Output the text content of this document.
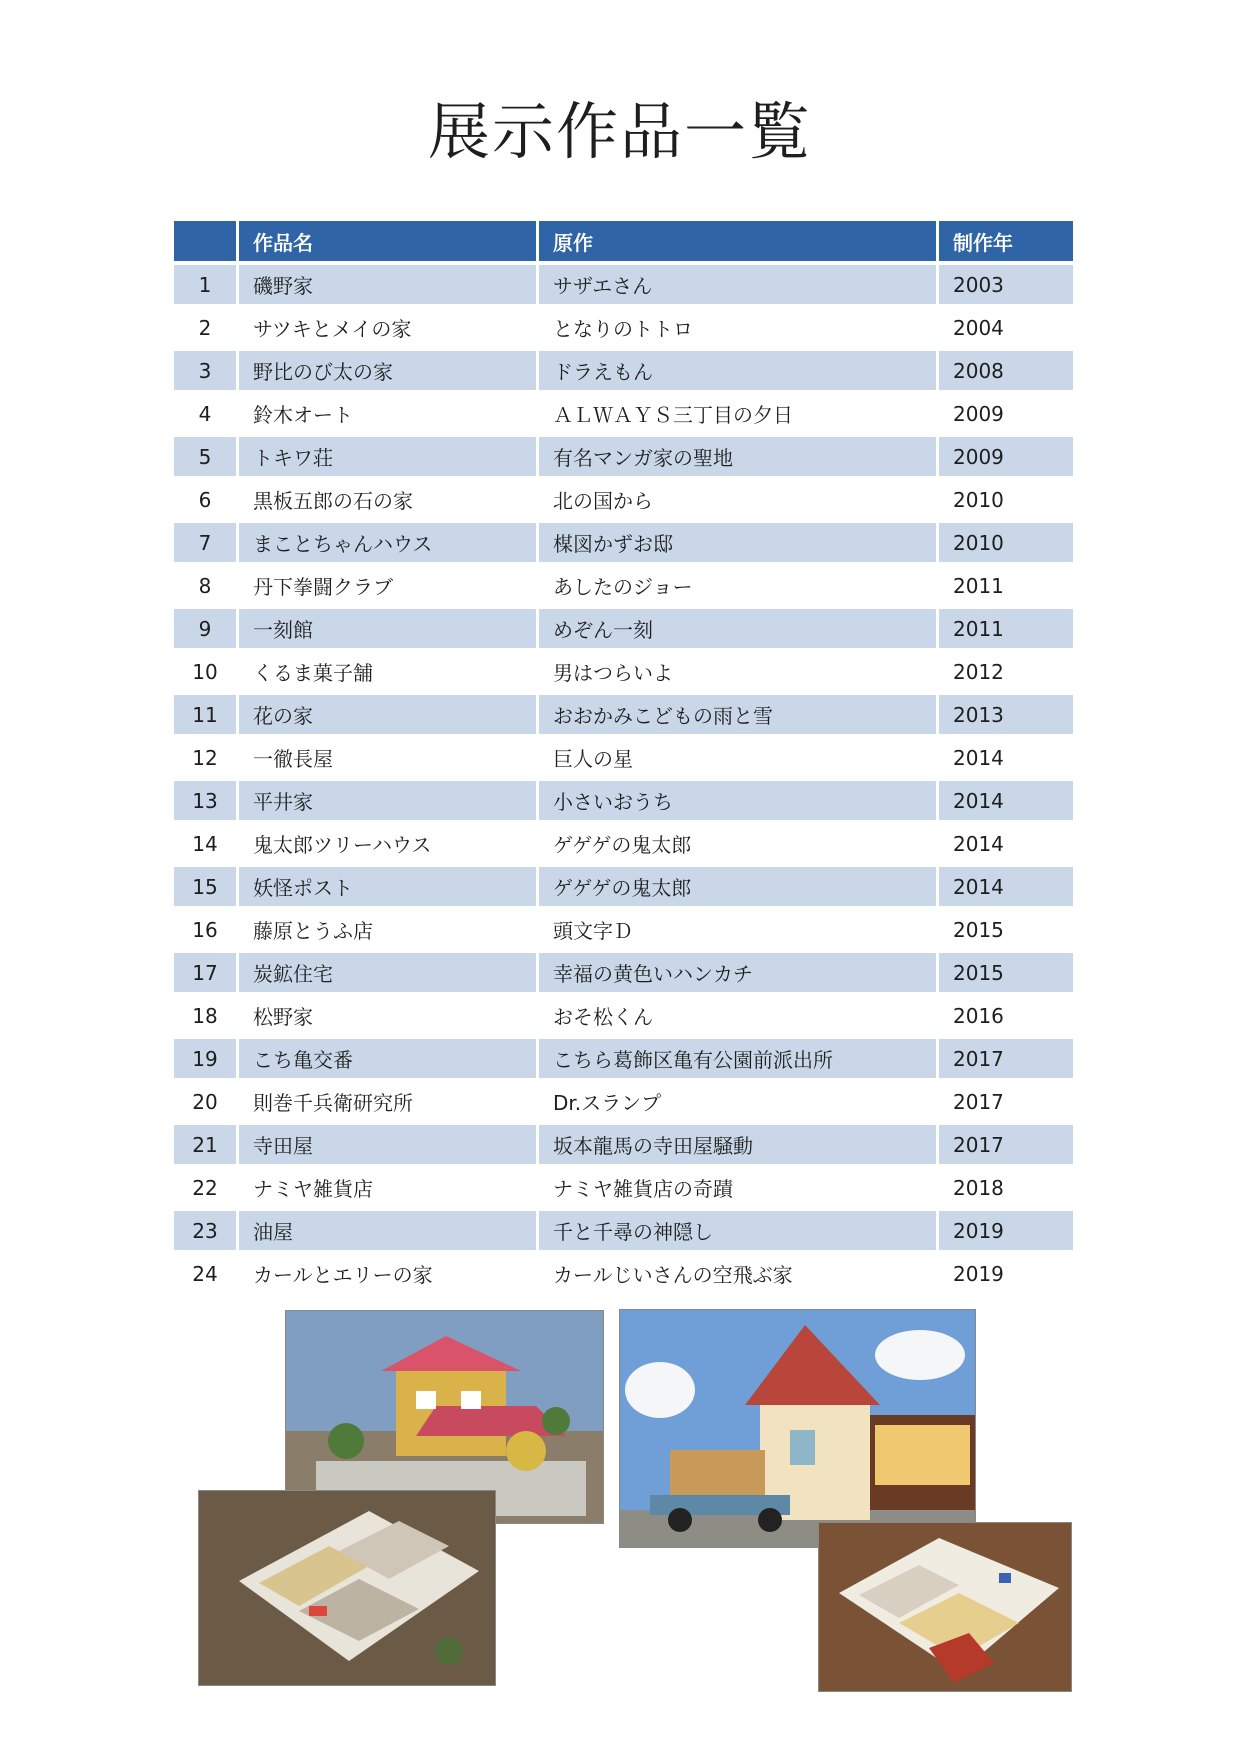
展示作品一覧
	作品名	原作	制作年
1	磯野家	サザエさん	2003
2	サツキとメイの家	となりのトトロ	2004
3	野比のび太の家	ドラえもん	2008
4	鈴木オート	ＡＬＷＡＹＳ三丁目の夕日	2009
5	トキワ荘	有名マンガ家の聖地	2009
6	黒板五郎の石の家	北の国から	2010
7	まことちゃんハウス	楳図かずお邸	2010
8	丹下拳闘クラブ	あしたのジョー	2011
9	一刻館	めぞん一刻	2011
10	くるま菓子舗	男はつらいよ	2012
11	花の家	おおかみこどもの雨と雪	2013
12	一徹長屋	巨人の星	2014
13	平井家	小さいおうち	2014
14	鬼太郎ツリーハウス	ゲゲゲの鬼太郎	2014
15	妖怪ポスト	ゲゲゲの鬼太郎	2014
16	藤原とうふ店	頭文字Ｄ	2015
17	炭鉱住宅	幸福の黄色いハンカチ	2015
18	松野家	おそ松くん	2016
19	こち亀交番	こちら葛飾区亀有公園前派出所	2017
20	則巻千兵衛研究所	Dr.スランプ	2017
21	寺田屋	坂本龍馬の寺田屋騒動	2017
22	ナミヤ雑貨店	ナミヤ雑貨店の奇蹟	2018
23	油屋	千と千尋の神隠し	2019
24	カールとエリーの家	カールじいさんの空飛ぶ家	2019
